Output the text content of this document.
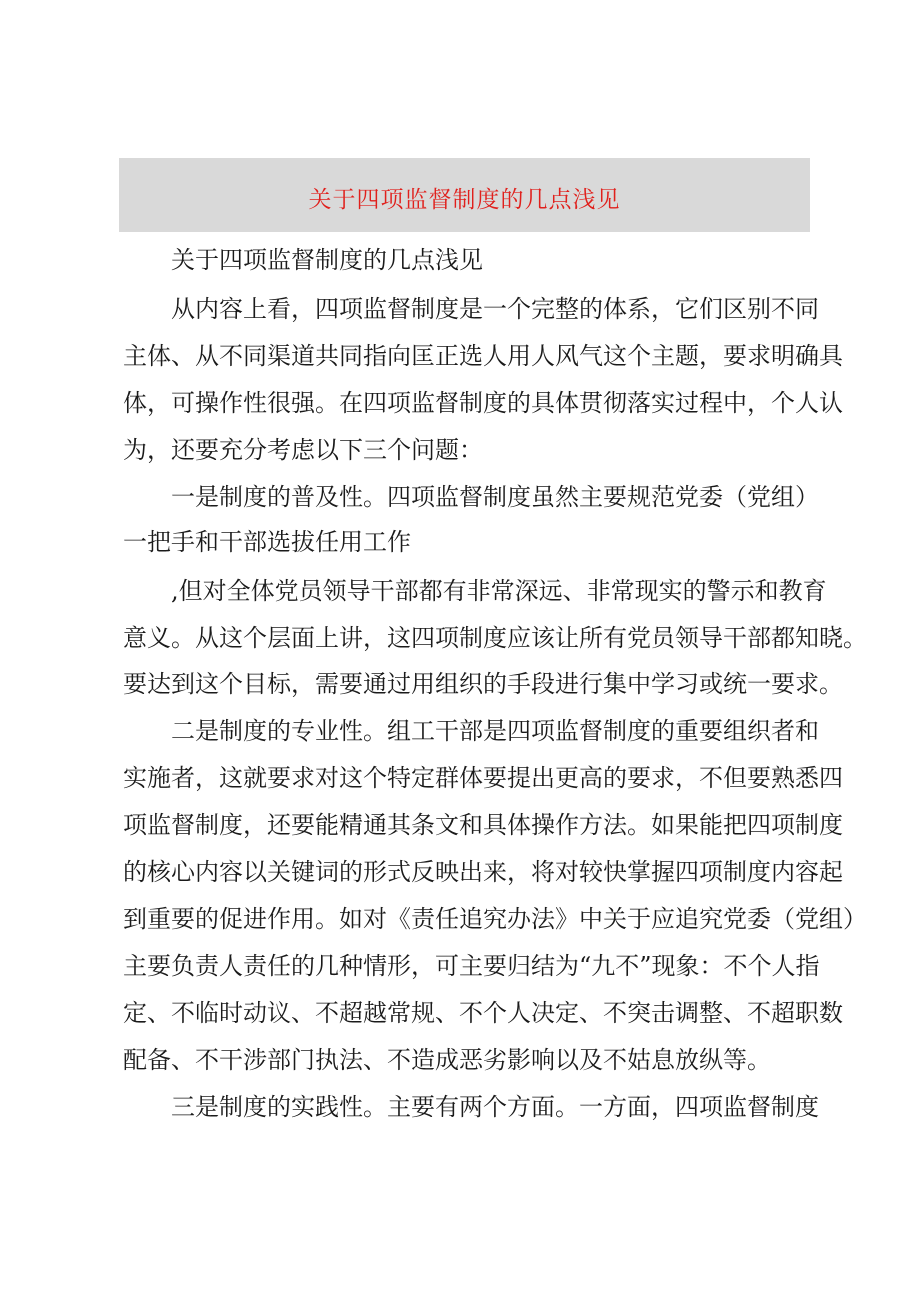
关于四项监督制度的几点浅见
关于四项监督制度的几点浅见
从内容上看，四项监督制度是一个完整的体系，它们区别不同
主体、从不同渠道共同指向匡正选人用人风气这个主题，要求明确具
体，可操作性很强。在四项监督制度的具体贯彻落实过程中，个人认
为，还要充分考虑以下三个问题：
一是制度的普及性。四项监督制度虽然主要规范党委（党组）
一把手和干部选拔任用工作
,但对全体党员领导干部都有非常深远、非常现实的警示和教育
意义。从这个层面上讲，这四项制度应该让所有党员领导干部都知晓。
要达到这个目标，需要通过用组织的手段进行集中学习或统一要求。
二是制度的专业性。组工干部是四项监督制度的重要组织者和
实施者，这就要求对这个特定群体要提出更高的要求，不但要熟悉四
项监督制度，还要能精通其条文和具体操作方法。如果能把四项制度
的核心内容以关键词的形式反映出来，将对较快掌握四项制度内容起
到重要的促进作用。如对《责任追究办法》中关于应追究党委（党组）
主要负责人责任的几种情形，可主要归结为“九不”现象：不个人指
定、不临时动议、不超越常规、不个人决定、不突击调整、不超职数
配备、不干涉部门执法、不造成恶劣影响以及不姑息放纵等。
三是制度的实践性。主要有两个方面。一方面，四项监督制度
